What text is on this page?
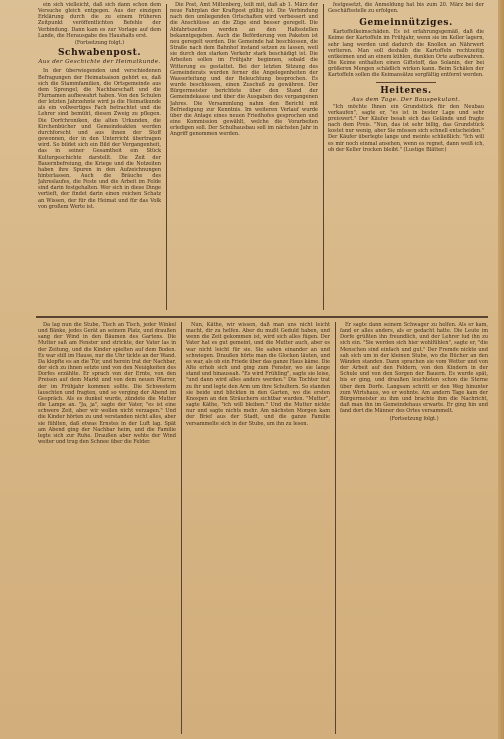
ein sich vielleicht, daß sich dann schon dem Versuche gleich entgegen. Aus der einzigen Erklärung durch die zu einem früheren Zeitpunkt veröffentlichten Befehle der Verbindung. Dann kam es zur Vorlage auf dem Lande, die Herausgabe des Haushalts erst.

(Fortsetzung folgt.)
Schwabenpost.
Aus der Geschichte der Heimatkunde.

In der überwiegenden und verschiedenen Befragungen der Heimatsaison gehört es, daß sich die Stammfamilien, die Ortsgemeinde aus dem Sprengel, die Nachbarschaft und die Flurnamen aufbewahrt haben. Von den Schulen der letzten Jahrzehnte wird ja die Heimatkunde als ein vollwertiges Fach betrachtet und die Lehrer sind bemüht, diesen Zweig zu pflegen. Die Dorfchroniken, die alten Urkunden, die Kirchenbücher und Gemeindeakten werden durchforscht und aus ihnen der Stoff gewonnen, der in den Unterricht übertragen wird. So bildet sich ein Bild der Vergangenheit, das in seiner Gesamtheit ein Stück Kulturgeschichte darstellt. Die Zeit der Bauernbefreiung, die Kriege und die Notzeiten haben ihre Spuren in den Aufzeichnungen hinterlassen. Auch die Bräuche des Jahreslaufes, die Feste und die Arbeit im Felde sind darin festgehalten. Wer sich in diese Dinge vertieft, der findet darin einen reichen Schatz an Wissen, der für die Heimat und für das Volk von großem Werte ist.

Die Post, Amt Miltenberg, teilt mit, daß ab 1. März der neue Fahrplan der Kraftpost gültig ist. Die Verbindung nach den umliegenden Ortschaften wird verbessert und die Anschlüsse an die Züge sind besser geregelt. Die Abfahrtszeiten werden an den Haltestellen bekanntgegeben. Auch die Beförderung von Paketen ist neu geregelt worden. Die Gemeinde hat beschlossen, die Straße nach dem Bahnhof instand setzen zu lassen, weil sie durch den starken Verkehr stark beschädigt ist. Die Arbeiten sollen im Frühjahr beginnen, sobald die Witterung es gestattet. Bei der letzten Sitzung des Gemeinderats wurden ferner die Angelegenheiten der Wasserleitung und der Beleuchtung besprochen. Es wurde beschlossen, einen Zuschuß zu gewähren. Der Bürgermeister berichtete über den Stand der Gemeindekasse und über die Ausgaben des vergangenen Jahres. Die Versammlung nahm den Bericht mit Befriedigung zur Kenntnis. Im weiteren Verlauf wurde über die Anlage eines neuen Friedhofes gesprochen und eine Kommission gewählt, welche die Vorarbeiten erledigen soll. Der Schulhausbau soll im nächsten Jahr in Angriff genommen werden.

festgesetzt, die Anmeldung hat bis zum 20. März bei der Geschäftsstelle zu erfolgen.

Gemeinnütziges.

Kartoffelkeimschäden. Es ist erfahrungsgemäß, daß die Keime der Kartoffeln im Frühjahr, wenn sie im Keller lagern, sehr lang werden und dadurch die Knollen an Nährwert verlieren. Man soll deshalb die Kartoffeln rechtzeitig entkeimen und an einem kühlen, dunklen Orte aufbewahren. Die Keime enthalten einen Giftstoff, das Solanin, der bei größeren Mengen schädlich wirken kann. Beim Schälen der Kartoffeln sollen die Keimansätze sorgfältig entfernt werden.

Heiteres.
Aus dem Tage. Der Bauspekulant.

"Ich möchte Ihnen ein Grundstück für den Neubau verkaufen", sagte er, "es ist in bester Lage und sehr preiswert." Der Käufer besah sich das Gelände und fragte nach dem Preis. "Nun, das ist sehr billig, das Grundstück kostet nur wenig, aber Sie müssen sich schnell entscheiden." Der Käufer überlegte lange und meinte schließlich: "Ich will es mir noch einmal ansehen, wenn es regnet, dann weiß ich, ob der Keller trocken bleibt." (Lustige Blätter.)

Da lag nun die Stube, Tisch an Tisch, jeder Winkel und Bänke, jedes Gerät an seinem Platz, und draußen sang der Wind in den Bäumen des Gartens. Die Mutter saß am Fenster und strickte, der Vater las in der Zeitung, und die Kinder spielten auf dem Boden. Es war still im Hause, nur die Uhr tickte an der Wand. Da klopfte es an die Tür, und herein trat der Nachbar, der sich zu ihnen setzte und von den Neuigkeiten des Dorfes erzählte. Er sprach von der Ernte, von den Preisen auf dem Markt und von dem neuen Pfarrer, der im Frühjahr kommen sollte. Die Schwestern lauschten und fragten, und so verging der Abend im Gespräch. Als es dunkel wurde, zündete die Mutter die Lampe an. "Ja, ja", sagte der Vater, "es ist eine schwere Zeit, aber wir wollen nicht verzagen." Und die Kinder hörten zu und verstanden nicht alles, aber sie fühlten, daß etwas Ernstes in der Luft lag. Spät am Abend ging der Nachbar heim, und die Familie legte sich zur Ruhe. Draußen aber wehte der Wind weiter und trug den Schnee über die Felder.

Nun, Käthe, wir wissen, daß man uns nicht leicht macht, dir zu helfen. Aber du mußt Geduld haben, und wenn die Zeit gekommen ist, wird sich alles fügen. Der Vater hat es gut gemeint, und die Mutter auch, aber es war nicht leicht für sie. Sie sahen einander an und schwiegen. Draußen hörte man die Glocken läuten, und es war, als ob ein Friede über das ganze Haus käme. Die Alte erhob sich und ging zum Fenster, wo sie lange stand und hinaussah. "Es wird Frühling", sagte sie leise, "und dann wird alles anders werden." Die Tochter trat zu ihr und legte den Arm um ihre Schultern. So standen sie beide und blickten in den Garten, wo die ersten Knospen an den Sträuchern sichtbar wurden. "Mutter", sagte Käthe, "ich will bleiben." Und die Mutter nickte nur und sagte nichts mehr. Am nächsten Morgen kam der Brief aus der Stadt, und die ganze Familie versammelte sich in der Stube, um ihn zu lesen.

Er sagte dann seinem Schwager zu helfen. Als er kam, fand er alles anders, als er gedacht hatte. Die Leute im Dorfe grüßten ihn freundlich, und der Lehrer lud ihn zu sich ein. "Sie werden sich hier wohlfühlen", sagte er, "die Menschen sind einfach und gut." Der Fremde nickte und sah sich um in der kleinen Stube, wo die Bücher an den Wänden standen. Dann sprachen sie vom Wetter und von der Arbeit auf den Feldern, von den Kindern in der Schule und von den Sorgen der Bauern. Es wurde spät, bis er ging, und draußen leuchteten schon die Sterne über dem Dorfe. Langsam schritt er den Weg hinunter zum Wirtshaus, wo er wohnte. Am andern Tage kam der Bürgermeister zu ihm und brachte ihm die Nachricht, daß man ihn im Gemeindehaus erwarte. Er ging hin und fand dort die Männer des Ortes versammelt.

(Fortsetzung folgt.)
